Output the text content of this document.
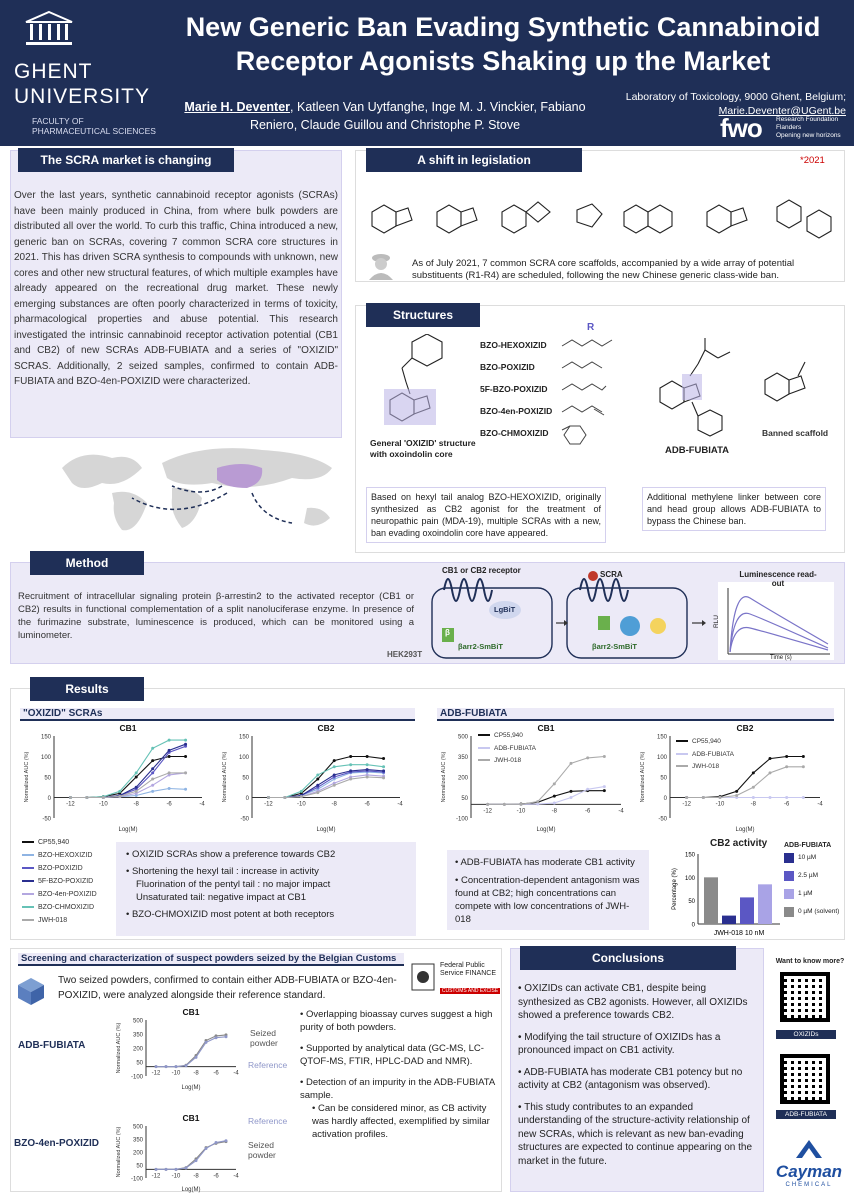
GHENT
UNIVERSITY
FACULTY OF
PHARMACEUTICAL SCIENCES
New Generic Ban Evading Synthetic Cannabinoid Receptor Agonists Shaking up the Market
Marie H. Deventer, Katleen Van Uytfanghe, Inge M. J. Vinckier, Fabiano Reniero, Claude Guillou and Christophe P. Stove
Laboratory of Toxicology, 9000 Ghent, Belgium;
Marie.Deventer@UGent.be
fwo Research Foundation
Flanders
Opening new horizons
The SCRA market is changing
Over the last years, synthetic cannabinoid receptor agonists (SCRAs) have been mainly produced in China, from where bulk powders are distributed all over the world. To curb this traffic, China introduced a new, generic ban on SCRAs, covering 7 common SCRA core structures in 2021. This has driven SCRA synthesis to compounds with unknown, new cores and other new structural features, of which multiple examples have already appeared on the recreational drug market. These newly emerging substances are often poorly characterized in terms of toxicity, pharmacological properties and abuse potential. This research investigated the intrinsic cannabinoid receptor activation potential (CB1 and CB2) of new SCRAs ADB-FUBIATA and a series of "OXIZID" SCRAS. Additionally, 2 seized samples, confirmed to contain ADB-FUBIATA and BZO-4en-POXIZID were characterized.
A shift in legislation	*2021
As of July 2021, 7 common SCRA core scaffolds, accompanied by a wide array of potential substituents (R1-R4) are scheduled, following the new Chinese generic class-wide ban.
Structures
General 'OXIZID' structure with oxoindolin core
R
BZO-HEXOXIZID
BZO-POXIZID
5F-BZO-POXIZID
BZO-4en-POXIZID
BZO-CHMOXIZID
ADB-FUBIATA
Banned scaffold
Based on hexyl tail analog BZO-HEXOXIZID, originally synthesized as CB2 agonist for the treatment of neuropathic pain (MDA-19), multiple SCRAs with a new, ban evading oxoindolin core have appeared.
Additional methylene linker between core and head group allows ADB-FUBIATA to bypass the Chinese ban.
Method
Recruitment of intracellular signaling protein β-arrestin2 to the activated receptor (CB1 or CB2) results in functional complementation of a split nanoluciferase enzyme. In presence of the furimazine substrate, luminescence is produced, which can be monitored using a luminometer.
HEK293T
CB1 or CB2 receptor
LgBiT
β
βarr2-SmBiT
SCRA
βarr2-SmBiT
Luminescence read-out
RLU
Time (s)
Results
"OXIZID" SCRAs	ADB-FUBIATA
-50
0
50
100
150
-12	-10	-8	-6	-4
Log(M)
Normalized AUC (%)
CB1
-50
0
50
100
150
-12	-10	-8	-6	-4
Log(M)
Normalized AUC (%)
CB2
-100
50
200
350
500
-12	-10	-8	-6	-4
Log(M)
Normalized AUC (%)
CB1
-50
0
50
100
150
-12	-10	-8	-6	-4
Log(M)
Normalized AUC (%)
CB2
CP55,940
BZO-HEXOXIZID
BZO-POXIZID
5F-BZO-POXIZID
BZO-4en-POXIZID
BZO-CHMOXIZID
JWH-018
CP55,940
ADB-FUBIATA
JWH-018
CP55,940
ADB-FUBIATA
JWH-018
• OXIZID SCRAs show a preference towards CB2
• Shortening the hexyl tail : increase in activity
Fluorination of the pentyl tail : no major impact
Unsaturated tail: negative impact at CB1
• BZO-CHMOXIZID most potent at both receptors
• ADB-FUBIATA has moderate CB1 activity
• Concentration-dependent antagonism was found at CB2; high concentrations can compete with low concentrations of JWH-018
CB2 activity
0
50
100
150
Percentage (%)
JWH-018 10 nM
ADB-FUBIATA
10 µM
2.5 µM
1 µM
0 µM (solvent)
Screening and characterization of suspect powders seized by the Belgian Customs
Two seized powders, confirmed to contain either ADB-FUBIATA or BZO-4en-POXIZID, were analyzed alongside their reference standard.
Federal Public Service FINANCE
CUSTOMS AND EXCISE
ADB-FUBIATA
BZO-4en-POXIZID
-100
50
200
350
500
-12 -10 -8 -6 -4
Log(M)
Normalized AUC (%)
CB1
-100
50
200
350
500
-12 -10 -8 -6 -4
Log(M)
Normalized AUC (%)
CB1
Seized powder
Reference
Reference
Seized powder
• Overlapping bioassay curves suggest a high purity of both powders.
• Supported by analytical data (GC-MS, LC-QTOF-MS, FTIR, HPLC-DAD and NMR).
• Detection of an impurity in the ADB-FUBIATA sample.
• Can be considered minor, as CB activity was hardly affected, exemplified by similar activation profiles.
Conclusions
• OXIZIDs can activate CB1, despite being synthesized as CB2 agonists. However, all OXIZIDs showed a preference towards CB2.
• Modifying the tail structure of OXIZIDs has a pronounced impact on CB1 activity.
• ADB-FUBIATA has moderate CB1 potency but no activity at CB2 (antagonism was observed).
• This study contributes to an expanded understanding of the structure-activity relationship of new SCRAs, which is relevant as new ban-evading structures are expected to continue appearing on the market in the future.
Want to know more?
OXIZIDs
ADB-FUBIATA
Cayman
CHEMICAL
